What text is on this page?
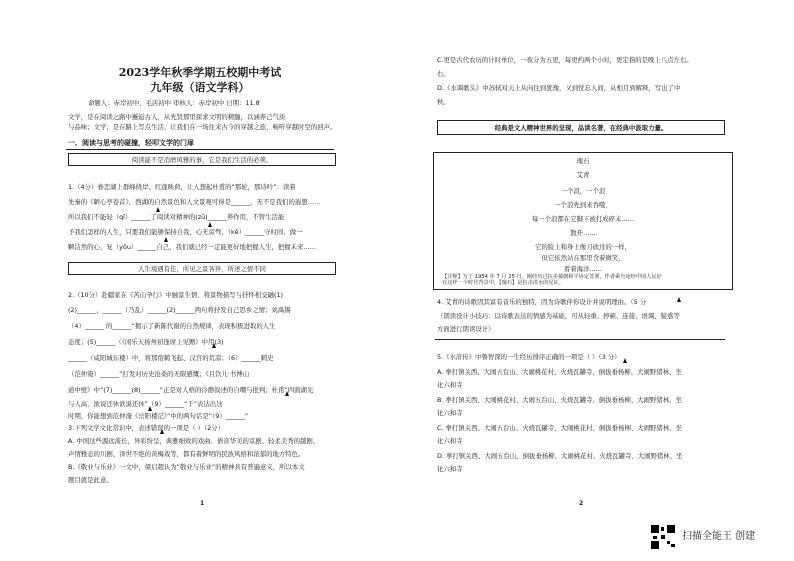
2023学年秋季学期五校期中考试
九年级（语文学科）
命题人：赤岸初中、毛店初中 审核人：赤岸初中 日期：11.8
文学，是在阅读之路中邂逅古人，从先贤那里探求文明的精髓，以涵养己气质
与品味；文学，是在路上写点生活，让我们在一场往来古今的穿越之旅，畅听穿越时空的回声。
一、阅读与思考的碰撞，轻叩文学的门扉
阅读能不是消磨风雅的事，它是我们生活的必须。
1.（4分）眷恋湖上群峰绕岸、红莲映荷，让人想起杜甫的“那轮，那诗吟”：读着
先秦的《陋心亭卷首》，西湖的自然景色和人文景观可得是______，无不是我们的遐想……
所以我们不能轻（qǐ）______了阅读对精神的(zū)______养作用，不管生活能
予我们怎样的人生，只要我们能够保持自我，心无旁骛，（kē）______守时间，做一
颗洁然的心，复（yǒu）______自己，我们就已经一定能更好地把握人生，把握未来……
人生境遇有佳，所见之景各异，所述之情不同
2.（10分）赴疆家在《苦山孕行》中触景生情，将景物描写与抒怀相交融(1)
(2)______，______（乃乱）______(2)______两句将抒发自己思乡之情；刘禹锡
（4）______ 的______“揭示了新陈代谢的自然规律，表现积极进取的人生
态度；(5)______（《闲乐天扬州初逢席上见赠》中用(3)
______（咸阳城东楼）中，将那宿鹤飞起、汉宫的荒凉；（6）______刺史
（范仲淹）______”打发对历史沧桑的无限感慨；《且饮儿·书博山
道中壁》中“(7)______(8)______”正是对人格的冷静叙述的自嘲与批判；杜甫“四面湖光
与人高，欲说还休欲说还休”（9）______“千”表达出这
时期，你能想到范仲淹《岳阳楼记》”中的两句话是“（9）______”
3.下列文学文化常识中，表述错误的一项是（ ）（2分）
A. 中国这些源远流长，异彩纷呈，典雅细致的戏曲、倩音华美的京剧、轻柔美秀的越剧、
声情雅态的川剧、泽世不绝的黄梅戏等，都有着鲜明的民族风格和浓郁的地方特色。
B.《敬业与乐业》一文中，梁启超认为“敬业与乐业”的精神具有普遍意义，所以本文
题目就是此意。
1
C.更是古代农历的计时单位，一夜分为五更，每更约两个小时，更定指的是晚上八点左右。
右。
D.《水调歌头》中苏轼对天上从向往到犹豫，又到恍忘人间，从相月到解释，写出了中
秋。
经典是文人精神世界的呈现，品读名著，在经典中汲取力量。
瑰石
艾青
一个浪，一个浪
一个浪先到来吞噬，
每一个浪都在它脚下被打成碎末……
散开……
它的脸上和身上像刀砍过的一样，
但它依然站在那里含着微笑，
看着海洋……
【注释】写于 1954 年 7 月 25 日，刚经历过抗美援朝和平协定签署，作者乘舟途经中国人民好
在这样一个时代背景中，【瑰石】是抗击洪水的见证。
4. 艾青的诗歌因其富有音乐的独特，因为诗歌伴你设计并说明理由。（5 分
（朗读设计小技巧：以诗歌表达的情感为基础，可从轻重、停顿、连接、语调、疑惑等
方面进行朗读设计）
5.《水浒传》中鲁智深的一生经历排序正确的一项是（ ）（3 分）
A. 拳打镇关西、大闹五台山、大闹桃花村、火烧瓦罐寺、倒拔垂杨柳、大闹野猪林、坐
化六和寺
B. 拳打镇关西、大闹桃花村、大闹五台山、火烧瓦罐寺、倒拔垂杨柳、大闹野猪林、坐
化六和寺
C. 拳打镇关西、大闹五台山、火烧瓦罐寺、大闹桃花村、倒拔垂杨柳、大闹野猪林、坐
化六和寺
D. 拳打镇关西、大闹五台山、倒拔垂杨柳、大闹桃花村、火烧瓦罐寺、大闹野猪林、坐
化六和寺
2
扫描全能王 创建
